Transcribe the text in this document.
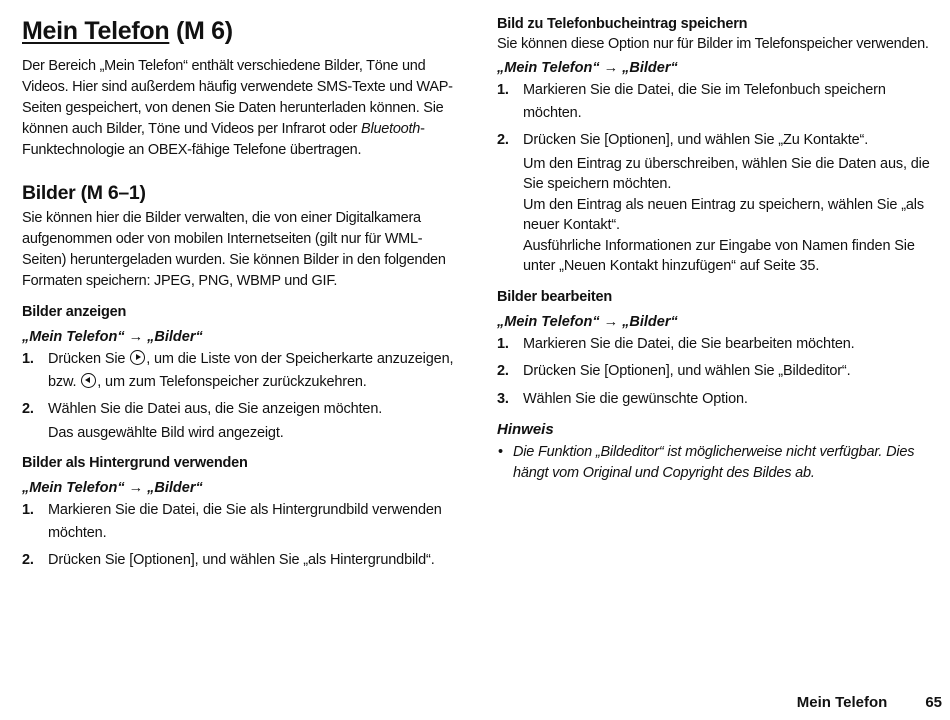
Mein Telefon (M 6)

Der Bereich „Mein Telefon“ enthält verschiedene Bilder, Töne und Videos. Hier sind außerdem häufig verwendete SMS-Texte und WAP-Seiten gespeichert, von denen Sie Daten herunterladen können. Sie können auch Bilder, Töne und Videos per Infrarot oder Bluetooth-Funktechnologie an OBEX-fähige Telefone übertragen.

Bilder (M 6–1)

Sie können hier die Bilder verwalten, die von einer Digitalkamera aufgenommen oder von mobilen Internetseiten (gilt nur für WML-Seiten) heruntergeladen wurden. Sie können Bilder in den folgenden Formaten speichern: JPEG, PNG, WBMP und GIF.

Bilder anzeigen
„Mein Telefon“ → „Bilder“
1. Drücken Sie , um die Liste von der Speicherkarte anzuzeigen, bzw. , um zum Telefonspeicher zurückzukehren.
2. Wählen Sie die Datei aus, die Sie anzeigen möchten.
Das ausgewählte Bild wird angezeigt.
Bilder als Hintergrund verwenden
„Mein Telefon“ → „Bilder“
1. Markieren Sie die Datei, die Sie als Hintergrundbild verwenden möchten.
2. Drücken Sie [Optionen], und wählen Sie „als Hintergrundbild“.
Bild zu Telefonbucheintrag speichern

Sie können diese Option nur für Bilder im Telefonspeicher verwenden.

„Mein Telefon“ → „Bilder“
1. Markieren Sie die Datei, die Sie im Telefonbuch speichern möchten.
2. Drücken Sie [Optionen], und wählen Sie „Zu Kontakte“.
Um den Eintrag zu überschreiben, wählen Sie die Daten aus, die Sie speichern möchten.
Um den Eintrag als neuen Eintrag zu speichern, wählen Sie „als neuer Kontakt“.
Ausführliche Informationen zur Eingabe von Namen finden Sie unter „Neuen Kontakt hinzufügen“ auf Seite 35.
Bilder bearbeiten
„Mein Telefon“ → „Bilder“
1. Markieren Sie die Datei, die Sie bearbeiten möchten.
2. Drücken Sie [Optionen], und wählen Sie „Bildeditor“.
3. Wählen Sie die gewünschte Option.
Hinweis
• Die Funktion „Bildeditor“ ist möglicherweise nicht verfügbar. Dies hängt vom Original und Copyright des Bildes ab.
Mein Telefon	65
